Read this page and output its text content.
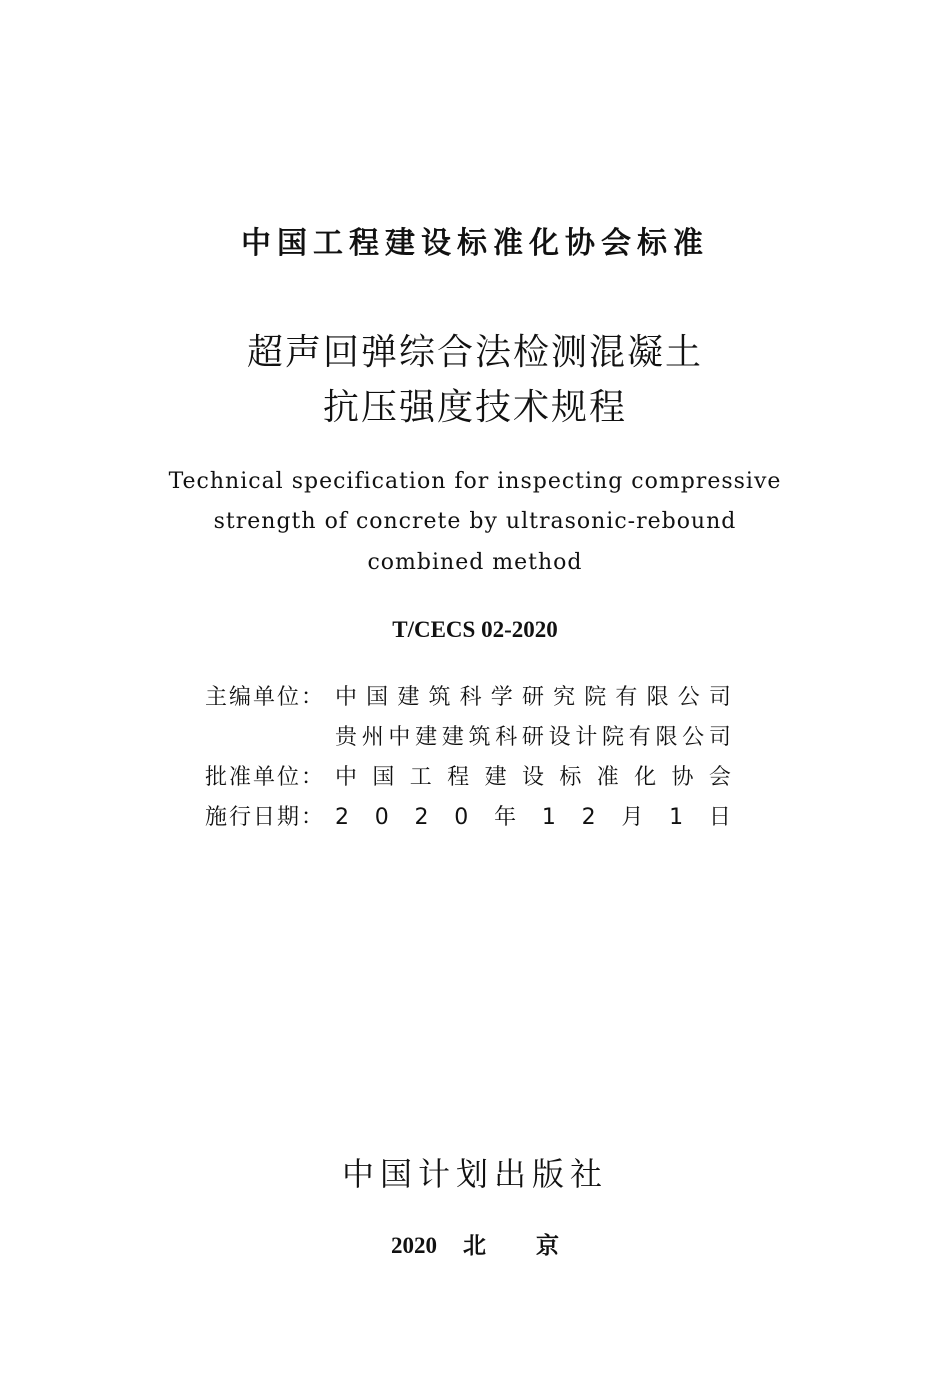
中国工程建设标准化协会标准
超声回弹综合法检测混凝土
抗压强度技术规程
Technical specification for inspecting compressive
strength of concrete by ultrasonic-rebound
combined method
T/CECS 02-2020
主编单位： 中 国 建 筑 科 学 研 究 院 有 限 公 司
贵 州 中 建 建 筑 科 研 设 计 院 有 限 公 司
批准单位： 中 国 工 程 建 设 标 准 化 协 会
施行日期： 2 0 2 0 年 1 2 月 1 日
中国计划出版社
2020 北 京
